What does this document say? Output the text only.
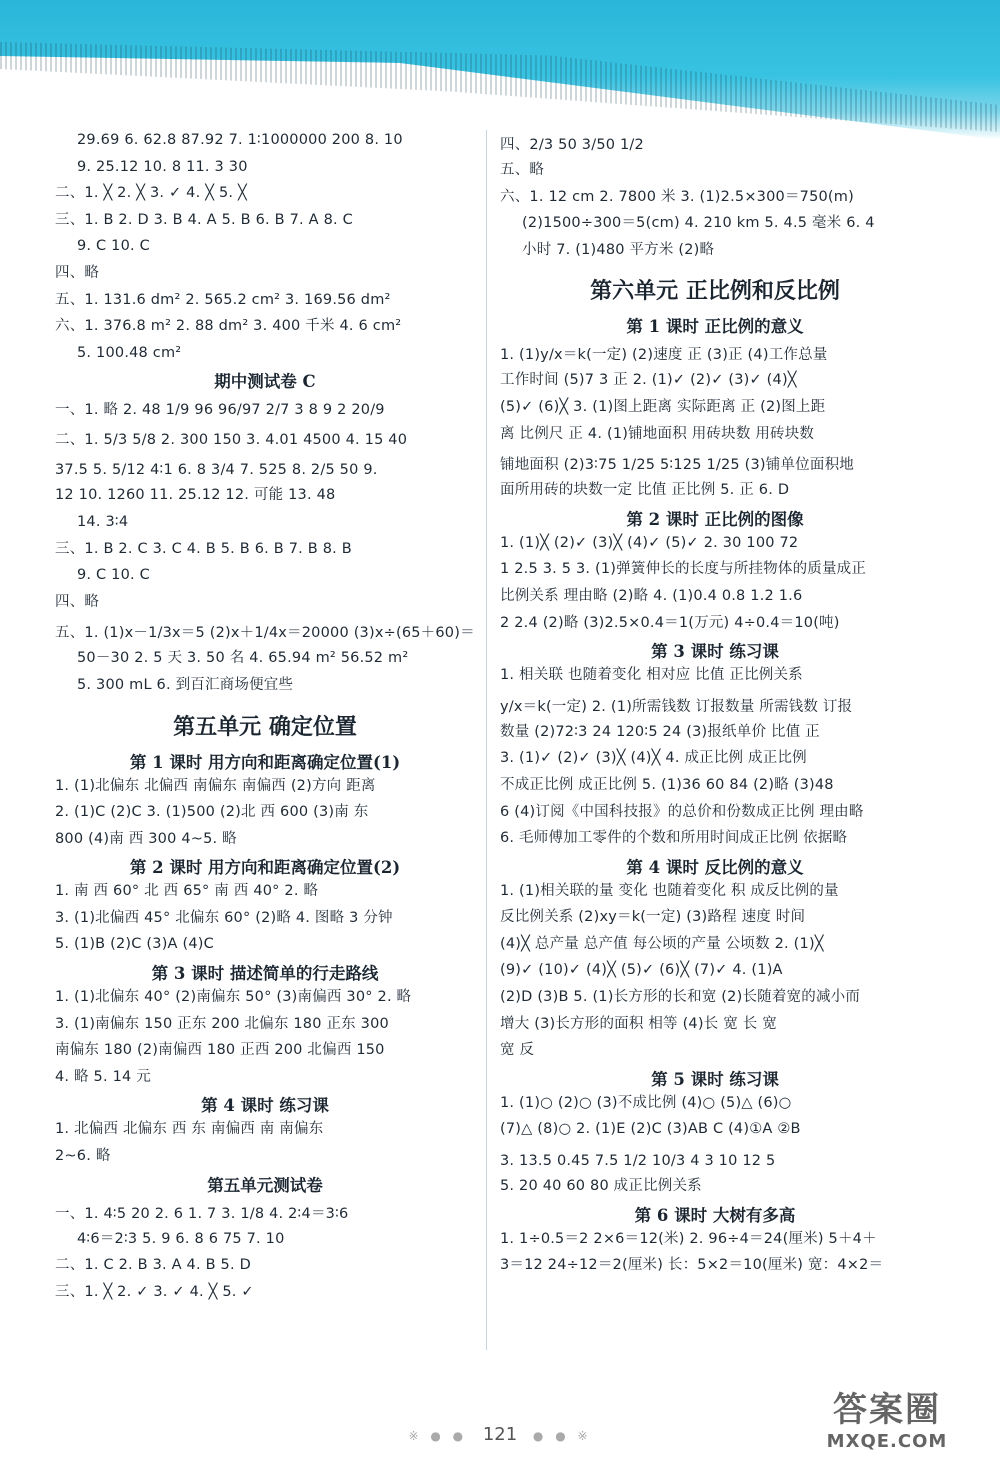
29.69 6. 62.8 87.92 7. 1∶1000000 200 8. 10
9. 25.12 10. 8 11. 3 30
二、1. ╳ 2. ╳ 3. ✓ 4. ╳ 5. ╳
三、1. B 2. D 3. B 4. A 5. B 6. B 7. A 8. C
9. C 10. C
四、略
五、1. 131.6 dm² 2. 565.2 cm² 3. 169.56 dm²
六、1. 376.8 m² 2. 88 dm² 3. 400 千米 4. 6 cm²
5. 100.48 cm²
期中测试卷 C
一、1. 略 2. 48 1/9 96 96/97 2/7 3 8 9 2 20/9
二、1. 5/3 5/8 2. 300 150 3. 4.01 4500 4. 15 40
37.5 5. 5/12 4∶1 6. 8 3/4 7. 525 8. 2/5 50 9.
12 10. 1260 11. 25.12 12. 可能 13. 48
14. 3∶4
三、1. B 2. C 3. C 4. B 5. B 6. B 7. B 8. B
9. C 10. C
四、略
五、1. (1)x－1/3x＝5 (2)x＋1/4x＝20000 (3)x÷(65＋60)＝
50－30 2. 5 天 3. 50 名 4. 65.94 m² 56.52 m²
5. 300 mL 6. 到百汇商场便宜些
第五单元 确定位置
第 1 课时 用方向和距离确定位置(1)
1. (1)北偏东 北偏西 南偏东 南偏西 (2)方向 距离
2. (1)C (2)C 3. (1)500 (2)北 西 600 (3)南 东
800 (4)南 西 300 4~5. 略
第 2 课时 用方向和距离确定位置(2)
1. 南 西 60° 北 西 65° 南 西 40° 2. 略
3. (1)北偏西 45° 北偏东 60° (2)略 4. 图略 3 分钟
5. (1)B (2)C (3)A (4)C
第 3 课时 描述简单的行走路线
1. (1)北偏东 40° (2)南偏东 50° (3)南偏西 30° 2. 略
3. (1)南偏东 150 正东 200 北偏东 180 正东 300
南偏东 180 (2)南偏西 180 正西 200 北偏西 150
4. 略 5. 14 元
第 4 课时 练习课
1. 北偏西 北偏东 西 东 南偏西 南 南偏东
2~6. 略
第五单元测试卷
一、1. 4∶5 20 2. 6 1. 7 3. 1/8 4. 2∶4＝3∶6
4∶6＝2∶3 5. 9 6. 8 6 75 7. 10
二、1. C 2. B 3. A 4. B 5. D
三、1. ╳ 2. ✓ 3. ✓ 4. ╳ 5. ✓
四、2/3 50 3/50 1/2
五、略
六、1. 12 cm 2. 7800 米 3. (1)2.5×300＝750(m)
(2)1500÷300＝5(cm) 4. 210 km 5. 4.5 毫米 6. 4
小时 7. (1)480 平方米 (2)略
第六单元 正比例和反比例
第 1 课时 正比例的意义
1. (1)y/x＝k(一定) (2)速度 正 (3)正 (4)工作总量
工作时间 (5)7 3 正 2. (1)✓ (2)✓ (3)✓ (4)╳
(5)✓ (6)╳ 3. (1)图上距离 实际距离 正 (2)图上距
离 比例尺 正 4. (1)铺地面积 用砖块数 用砖块数
铺地面积 (2)3∶75 1/25 5∶125 1/25 (3)铺单位面积地
面所用砖的块数一定 比值 正比例 5. 正 6. D
第 2 课时 正比例的图像
1. (1)╳ (2)✓ (3)╳ (4)✓ (5)✓ 2. 30 100 72
1 2.5 3. 5 3. (1)弹簧伸长的长度与所挂物体的质量成正
比例关系 理由略 (2)略 4. (1)0.4 0.8 1.2 1.6
2 2.4 (2)略 (3)2.5×0.4＝1(万元) 4÷0.4＝10(吨)
第 3 课时 练习课
1. 相关联 也随着变化 相对应 比值 正比例关系
y/x＝k(一定) 2. (1)所需钱数 订报数量 所需钱数 订报
数量 (2)72∶3 24 120∶5 24 (3)报纸单价 比值 正
3. (1)✓ (2)✓ (3)╳ (4)╳ 4. 成正比例 成正比例
不成正比例 成正比例 5. (1)36 60 84 (2)略 (3)48
6 (4)订阅《中国科技报》的总价和份数成正比例 理由略
6. 毛师傅加工零件的个数和所用时间成正比例 依据略
第 4 课时 反比例的意义
1. (1)相关联的量 变化 也随着变化 积 成反比例的量
反比例关系 (2)xy＝k(一定) (3)路程 速度 时间
(4)╳ 总产量 总产值 每公顷的产量 公顷数 2. (1)╳
(9)✓ (10)✓ (4)╳ (5)✓ (6)╳ (7)✓ 4. (1)A
(2)D (3)B 5. (1)长方形的长和宽 (2)长随着宽的减小而
增大 (3)长方形的面积 相等 (4)长 宽 长 宽
宽 反
第 5 课时 练习课
1. (1)○ (2)○ (3)不成比例 (4)○ (5)△ (6)○
(7)△ (8)○ 2. (1)E (2)C (3)AB C (4)①A ②B
3. 13.5 0.45 7.5 1/2 10/3 4 3 10 12 5
5. 20 40 60 80 成正比例关系
第 6 课时 大树有多高
1. 1÷0.5＝2 2×6＝12(米) 2. 96÷4＝24(厘米) 5＋4＋
3＝12 24÷12＝2(厘米) 长：5×2＝10(厘米) 宽：4×2＝
※ ● ● 121 ● ● ※
答案圈
MXQE.COM
